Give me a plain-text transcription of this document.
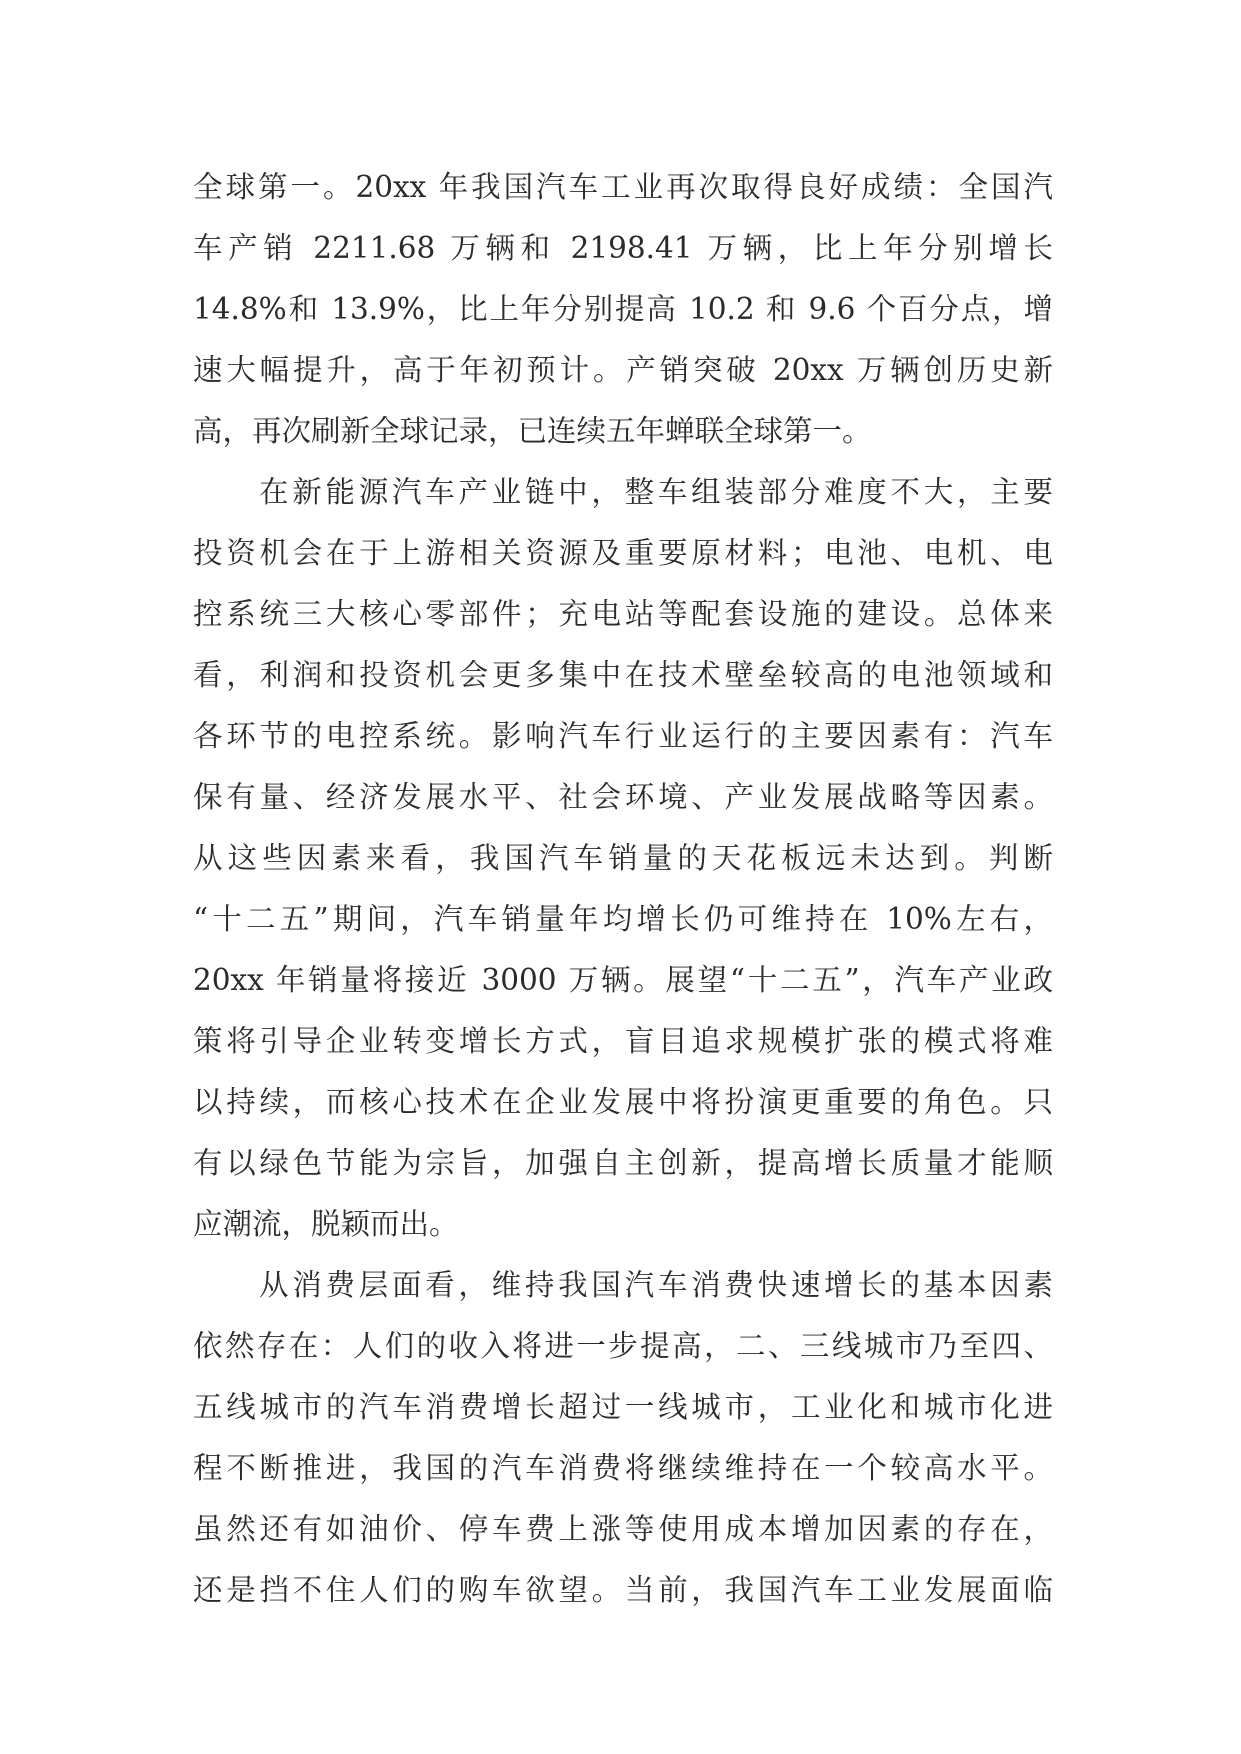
全球第一。20xx 年我国汽车工业再次取得良好成绩：全国汽
车产销 2211.68 万辆和 2198.41 万辆，比上年分别增长
14.8%和 13.9%，比上年分别提高 10.2 和 9.6 个百分点，增
速大幅提升，高于年初预计。产销突破 20xx 万辆创历史新
高，再次刷新全球记录，已连续五年蝉联全球第一。
在新能源汽车产业链中，整车组装部分难度不大，主要
投资机会在于上游相关资源及重要原材料；电池、电机、电
控系统三大核心零部件；充电站等配套设施的建设。总体来
看，利润和投资机会更多集中在技术壁垒较高的电池领域和
各环节的电控系统。影响汽车行业运行的主要因素有：汽车
保有量、经济发展水平、社会环境、产业发展战略等因素。
从这些因素来看，我国汽车销量的天花板远未达到。判断
“十二五”期间，汽车销量年均增长仍可维持在 10%左右，
20xx 年销量将接近 3000 万辆。展望“十二五”，汽车产业政
策将引导企业转变增长方式，盲目追求规模扩张的模式将难
以持续，而核心技术在企业发展中将扮演更重要的角色。只
有以绿色节能为宗旨，加强自主创新，提高增长质量才能顺
应潮流，脱颖而出。
从消费层面看，维持我国汽车消费快速增长的基本因素
依然存在：人们的收入将进一步提高，二、三线城市乃至四、
五线城市的汽车消费增长超过一线城市，工业化和城市化进
程不断推进，我国的汽车消费将继续维持在一个较高水平。
虽然还有如油价、停车费上涨等使用成本增加因素的存在，
还是挡不住人们的购车欲望。当前，我国汽车工业发展面临
